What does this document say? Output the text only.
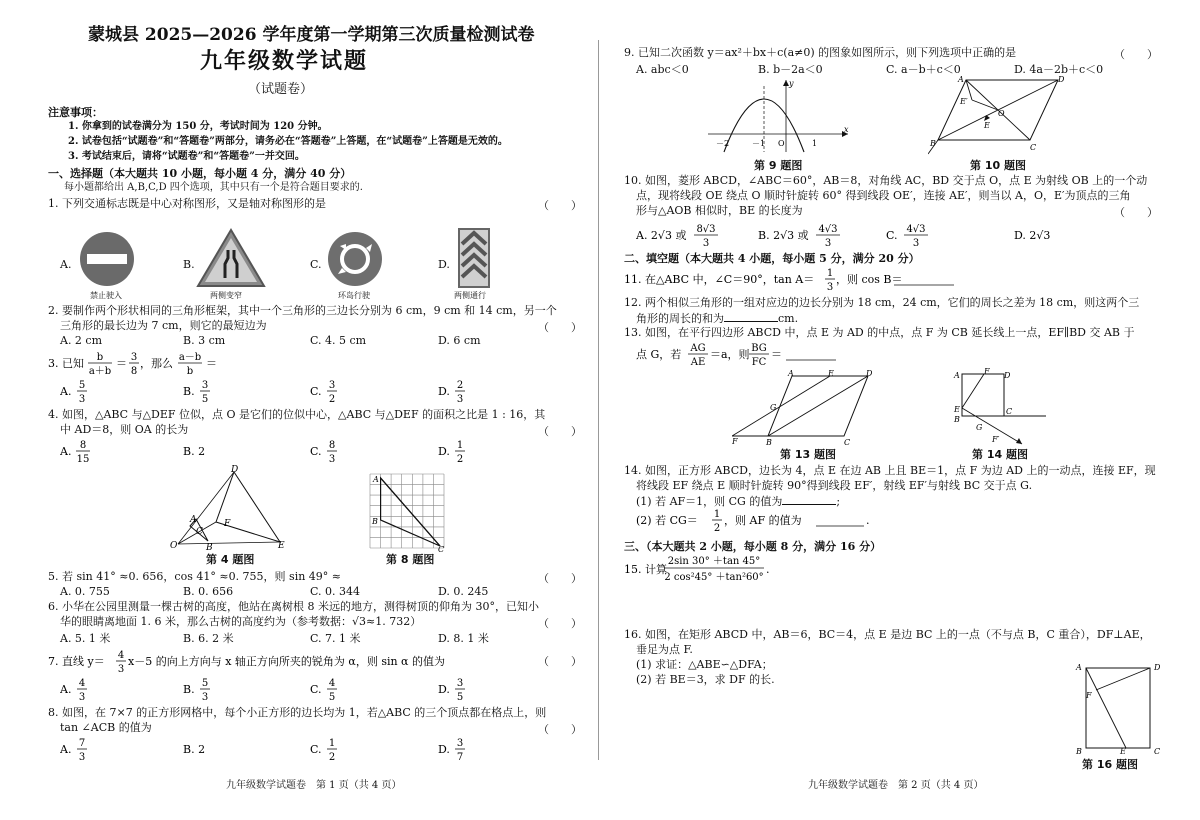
蒙城县 2025—2026 学年度第一学期第三次质量检测试卷
九年级数学试题
（试题卷）
注意事项：
1. 你拿到的试卷满分为 150 分，考试时间为 120 分钟。
2. 试卷包括“试题卷”和“答题卷”两部分，请务必在“答题卷”上答题，在“试题卷”上答题是无效的。
3. 考试结束后，请将“试题卷”和“答题卷”一并交回。
一、选择题（本大题共 10 小题，每小题 4 分，满分 40 分）
每小题都给出 A,B,C,D 四个选项，其中只有一个是符合题目要求的.
1. 下列交通标志既是中心对称图形，又是轴对称图形的是	（　　）
A.
禁止驶入
B.
两侧变窄
C.
环岛行驶
D.
两侧通行
2. 要制作两个形状相同的三角形框架，其中一个三角形的三边长分别为 6 cm，9 cm 和 14 cm，另一个
三角形的最长边为 7 cm，则它的最短边为	（　　）
A. 2 cm	B. 3 cm	C. 4. 5 cm	D. 6 cm
3. 已知 b
a＋b
＝ 3
8
，那么 a－b
b
＝
A. 5
3
B. 3
5
C. 3
2
D. 2
3
4. 如图，△ABC 与△DEF 位似，点 O 是它们的位似中心，△ABC 与△DEF 的面积之比是 1 : 16，其
中 AD＝8，则 OA 的长为	（　　）
A. 8
15
B. 2	C. 8
3
D. 1
2
D
O
A
B
C
F
E
第 4 题图
A
B
C
第 8 题图
5. 若 sin 41° ≈0. 656，cos 41° ≈0. 755，则 sin 49° ≈	（　　）
A. 0. 755	B. 0. 656	C. 0. 344	D. 0. 245
6. 小华在公园里测量一棵古树的高度，他站在离树根 8 米远的地方，测得树顶的仰角为 30°，已知小
华的眼睛离地面 1. 6 米，那么古树的高度约为（参考数据：√3≈1. 732）	（　　）
A. 5. 1 米	B. 6. 2 米	C. 7. 1 米	D. 8. 1 米
7. 直线 y＝ 4
3
x－5 的向上方向与 x 轴正方向所夹的锐角为 α，则 sin α 的值为	（　　）
A. 4
3
B. 5
3
C. 4
5
D. 3
5
8. 如图，在 7×7 的正方形网格中，每个小正方形的边长均为 1，若△ABC 的三个顶点都在格点上，则
tan ∠ACB 的值为	（　　）
A. 7
3
B. 2	C. 1
2
D. 3
7
九年级数学试题卷　第 1 页（共 4 页）
9. 已知二次函数 y＝ax²＋bx＋c(a≠0) 的图象如图所示，则下列选项中正确的是	（　　）
A. abc＜0	B. b－2a＜0	C. a－b＋c＜0	D. 4a－2b＋c＜0
－2	－1 O	1
x
y
第 9 题图
A	D
B	C
O
E′
E
第 10 题图
10. 如图，菱形 ABCD，∠ABC＝60°，AB＝8，对角线 AC，BD 交于点 O，点 E 为射线 OB 上的一个动
点，现将线段 OE 绕点 O 顺时针旋转 60° 得到线段 OE′，连接 AE′，则当以 A，O，E′为顶点的三角
形与△AOB 相似时，BE 的长度为	（　　）
A. 2√3 或 8√3
3
B. 2√3 或 4√3
3
C. 4√3
3
D. 2√3
二、填空题（本大题共 4 小题，每小题 5 分，满分 20 分）
11. 在△ABC 中，∠C＝90°，tan A＝ 1
3
，则 cos B＝
12. 两个相似三角形的一组对应边的边长分别为 18 cm，24 cm，它们的周长之差为 18 cm，则这两个三
角形的周长的和为	cm.
13. 如图，在平行四边形 ABCD 中，点 E 为 AD 的中点，点 F 为 CB 延长线上一点，EF∥BD 交 AB 于
点 G，若 AG
AE
＝a，则 BG
FC
＝
A	E	D
F	B	C
G
第 13 题图
A	F D
E
B
C
G
F′
第 14 题图
14. 如图，正方形 ABCD，边长为 4，点 E 在边 AB 上且 BE＝1，点 F 为边 AD 上的一动点，连接 EF，现
将线段 EF 绕点 E 顺时针旋转 90°得到线段 EF′，射线 EF′与射线 BC 交于点 G.
(1) 若 AF＝1，则 CG 的值为	;
(2) 若 CG＝ 1
2
，则 AF 的值为	.
三、（本大题共 2 小题，每小题 8 分，满分 16 分）
15. 计算
2sin 30° ＋tan 45°
2 cos²45° ＋tan²60°
.
16. 如图，在矩形 ABCD 中，AB＝6，BC＝4，点 E 是边 BC 上的一点（不与点 B，C 重合），DF⊥AE，
垂足为点 F.
(1) 求证：△ABE∽△DFA；
(2) 若 BE＝3，求 DF 的长.
A	D
F
B	E	C
第 16 题图
九年级数学试题卷　第 2 页（共 4 页）
